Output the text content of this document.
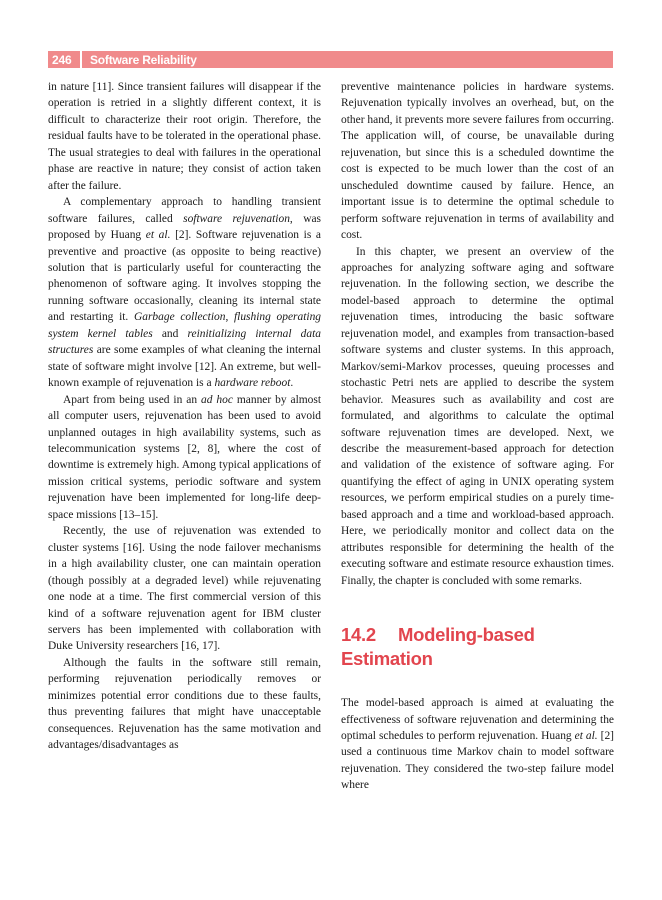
246	Software Reliability

in nature [11]. Since transient failures will disappear if the operation is retried in a slightly different context, it is difficult to characterize their root origin. Therefore, the residual faults have to be tolerated in the operational phase. The usual strategies to deal with failures in the operational phase are reactive in nature; they consist of action taken after the failure.

A complementary approach to handling transient software failures, called software rejuvenation, was proposed by Huang et al. [2]. Software rejuvenation is a preventive and proactive (as opposite to being reactive) solution that is particularly useful for counteracting the phenomenon of software aging. It involves stopping the running software occasionally, cleaning its internal state and restarting it. Garbage collection, flushing operating system kernel tables and reinitializing internal data structures are some examples of what cleaning the internal state of software might involve [12]. An extreme, but well-known example of rejuvenation is a hardware reboot.

Apart from being used in an ad hoc manner by almost all computer users, rejuvenation has been used to avoid unplanned outages in high availability systems, such as telecommunication systems [2, 8], where the cost of downtime is extremely high. Among typical applications of mission critical systems, periodic software and system rejuvenation have been implemented for long-life deep-space missions [13–15].

Recently, the use of rejuvenation was extended to cluster systems [16]. Using the node failover mechanisms in a high availability cluster, one can maintain operation (though possibly at a degraded level) while rejuvenating one node at a time. The first commercial version of this kind of a software rejuvenation agent for IBM cluster servers has been implemented with collaboration with Duke University researchers [16, 17].

Although the faults in the software still remain, performing rejuvenation periodically removes or minimizes potential error conditions due to these faults, thus preventing failures that might have unacceptable consequences. Rejuvenation has the same motivation and advantages/disadvantages as

preventive maintenance policies in hardware systems. Rejuvenation typically involves an overhead, but, on the other hand, it prevents more severe failures from occurring. The application will, of course, be unavailable during rejuvenation, but since this is a scheduled downtime the cost is expected to be much lower than the cost of an unscheduled downtime caused by failure. Hence, an important issue is to determine the optimal schedule to perform software rejuvenation in terms of availability and cost.

In this chapter, we present an overview of the approaches for analyzing software aging and software rejuvenation. In the following section, we describe the model-based approach to determine the optimal rejuvenation times, introducing the basic software rejuvenation model, and examples from transaction-based software systems and cluster systems. In this approach, Markov/semi-Markov processes, queuing processes and stochastic Petri nets are applied to describe the system behavior. Measures such as availability and cost are formulated, and algorithms to calculate the optimal software rejuvenation times are developed. Next, we describe the measurement-based approach for detection and validation of the existence of software aging. For quantifying the effect of aging in UNIX operating system resources, we perform empirical studies on a purely time-based approach and a time and workload-based approach. Here, we periodically monitor and collect data on the attributes responsible for determining the health of the executing software and estimate resource exhaustion times. Finally, the chapter is concluded with some remarks.

14.2 Modeling-based Estimation

The model-based approach is aimed at evaluating the effectiveness of software rejuvenation and determining the optimal schedules to perform rejuvenation. Huang et al. [2] used a continuous time Markov chain to model software rejuvenation. They considered the two-step failure model where
